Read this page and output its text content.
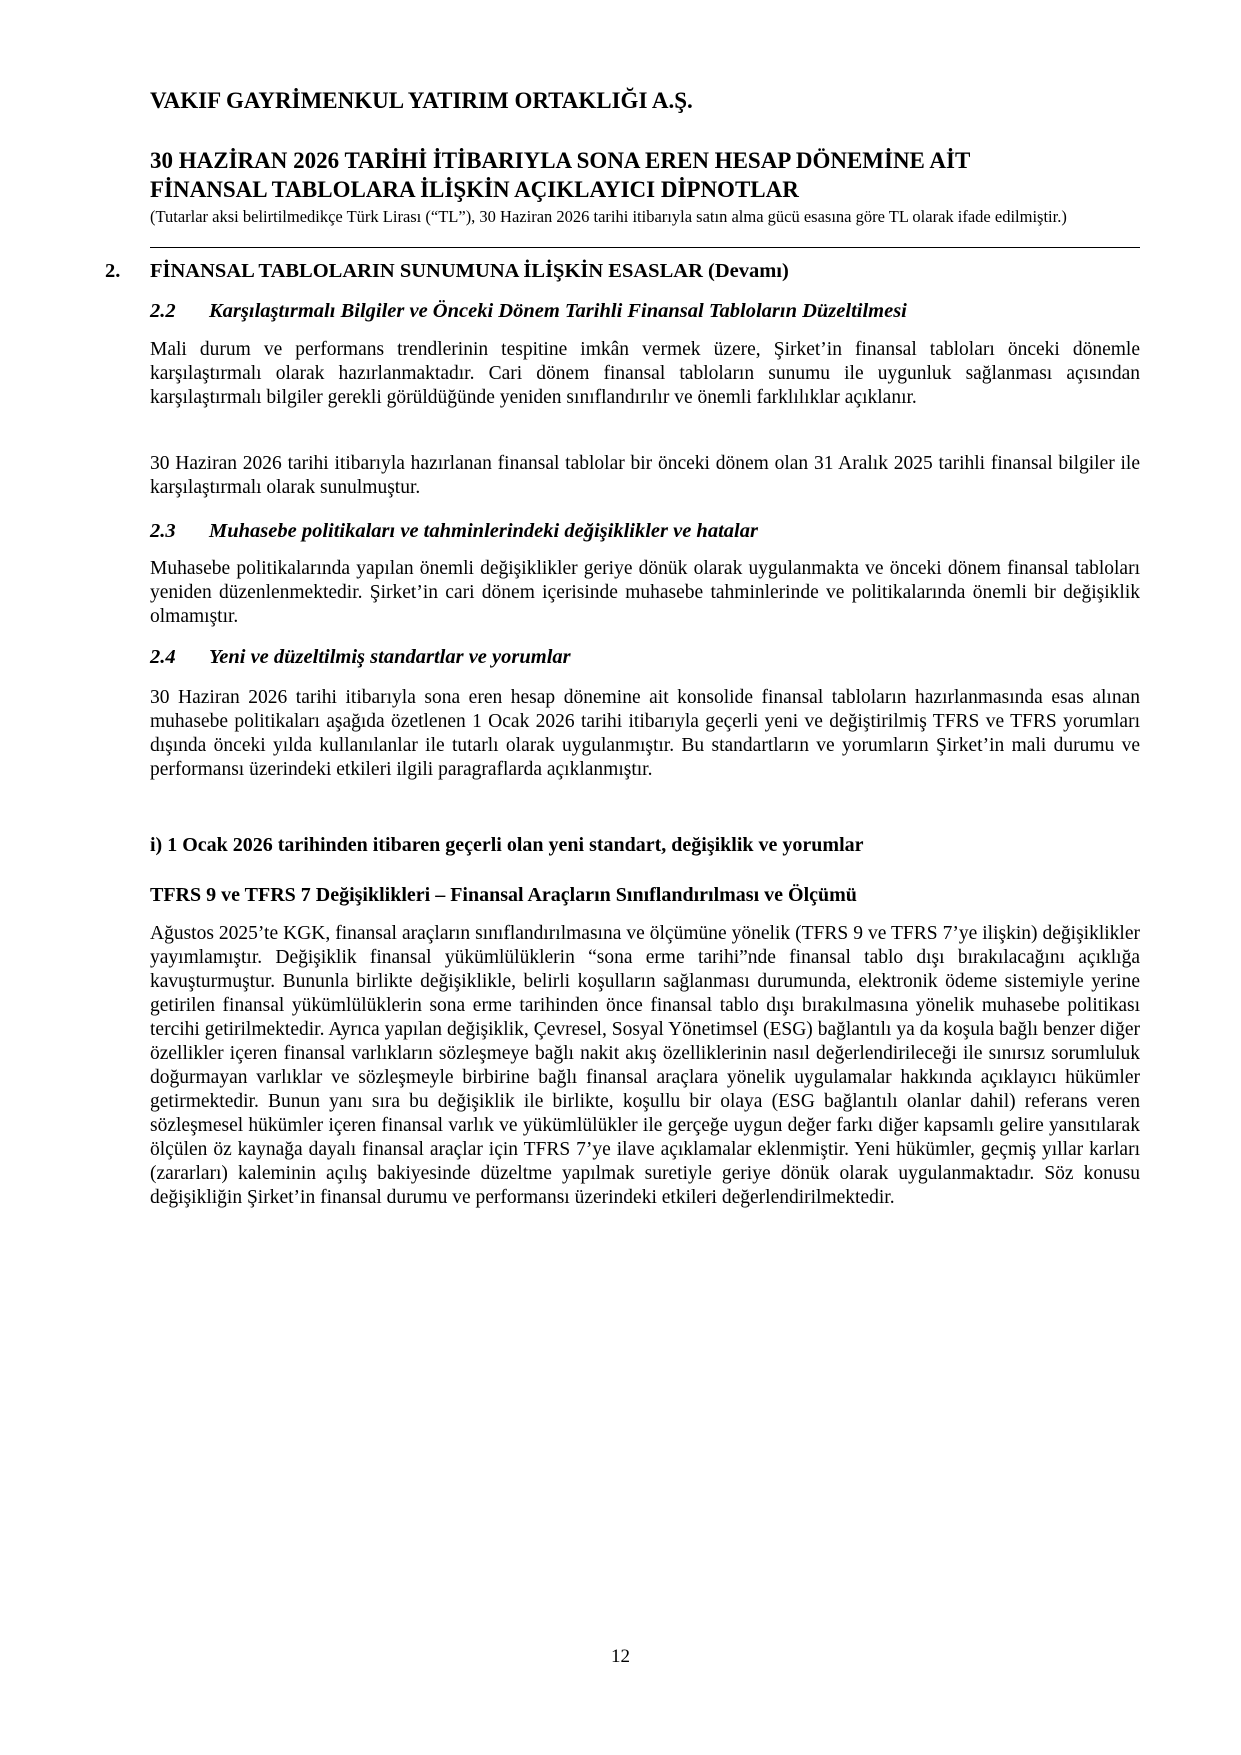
VAKIF GAYRİMENKUL YATIRIM ORTAKLIĞI A.Ş.

30 HAZİRAN 2026 TARİHİ İTİBARIYLA SONA EREN HESAP DÖNEMİNE AİT

FİNANSAL TABLOLARA İLİŞKİN AÇIKLAYICI DİPNOTLAR

(Tutarlar aksi belirtilmedikçe Türk Lirası (“TL”), 30 Haziran 2026 tarihi itibarıyla satın alma gücü esasına göre TL olarak ifade edilmiştir.)

2. FİNANSAL TABLOLARIN SUNUMUNA İLİŞKİN ESASLAR (Devamı)

2.2 Karşılaştırmalı Bilgiler ve Önceki Dönem Tarihli Finansal Tabloların Düzeltilmesi

Mali durum ve performans trendlerinin tespitine imkân vermek üzere, Şirket’in finansal tabloları önceki dönemle karşılaştırmalı olarak hazırlanmaktadır. Cari dönem finansal tabloların sunumu ile uygunluk sağlanması açısından karşılaştırmalı bilgiler gerekli görüldüğünde yeniden sınıflandırılır ve önemli farklılıklar açıklanır.

30 Haziran 2026 tarihi itibarıyla hazırlanan finansal tablolar bir önceki dönem olan 31 Aralık 2025 tarihli finansal bilgiler ile karşılaştırmalı olarak sunulmuştur.

2.3 Muhasebe politikaları ve tahminlerindeki değişiklikler ve hatalar

Muhasebe politikalarında yapılan önemli değişiklikler geriye dönük olarak uygulanmakta ve önceki dönem finansal tabloları yeniden düzenlenmektedir. Şirket’in cari dönem içerisinde muhasebe tahminlerinde ve politikalarında önemli bir değişiklik olmamıştır.

2.4 Yeni ve düzeltilmiş standartlar ve yorumlar

30 Haziran 2026 tarihi itibarıyla sona eren hesap dönemine ait konsolide finansal tabloların hazırlanmasında esas alınan muhasebe politikaları aşağıda özetlenen 1 Ocak 2026 tarihi itibarıyla geçerli yeni ve değiştirilmiş TFRS ve TFRS yorumları dışında önceki yılda kullanılanlar ile tutarlı olarak uygulanmıştır. Bu standartların ve yorumların Şirket’in mali durumu ve performansı üzerindeki etkileri ilgili paragraflarda açıklanmıştır.

i) 1 Ocak 2026 tarihinden itibaren geçerli olan yeni standart, değişiklik ve yorumlar

TFRS 9 ve TFRS 7 Değişiklikleri – Finansal Araçların Sınıflandırılması ve Ölçümü

Ağustos 2025’te KGK, finansal araçların sınıflandırılmasına ve ölçümüne yönelik (TFRS 9 ve TFRS 7’ye ilişkin) değişiklikler yayımlamıştır. Değişiklik finansal yükümlülüklerin “sona erme tarihi”nde finansal tablo dışı bırakılacağını açıklığa kavuşturmuştur. Bununla birlikte değişiklikle, belirli koşulların sağlanması durumunda, elektronik ödeme sistemiyle yerine getirilen finansal yükümlülüklerin sona erme tarihinden önce finansal tablo dışı bırakılmasına yönelik muhasebe politikası tercihi getirilmektedir. Ayrıca yapılan değişiklik, Çevresel, Sosyal Yönetimsel (ESG) bağlantılı ya da koşula bağlı benzer diğer özellikler içeren finansal varlıkların sözleşmeye bağlı nakit akış özelliklerinin nasıl değerlendirileceği ile sınırsız sorumluluk doğurmayan varlıklar ve sözleşmeyle birbirine bağlı finansal araçlara yönelik uygulamalar hakkında açıklayıcı hükümler getirmektedir. Bunun yanı sıra bu değişiklik ile birlikte, koşullu bir olaya (ESG bağlantılı olanlar dahil) referans veren sözleşmesel hükümler içeren finansal varlık ve yükümlülükler ile gerçeğe uygun değer farkı diğer kapsamlı gelire yansıtılarak ölçülen öz kaynağa dayalı finansal araçlar için TFRS 7’ye ilave açıklamalar eklenmiştir. Yeni hükümler, geçmiş yıllar karları (zararları) kaleminin açılış bakiyesinde düzeltme yapılmak suretiyle geriye dönük olarak uygulanmaktadır. Söz konusu değişikliğin Şirket’in finansal durumu ve performansı üzerindeki etkileri değerlendirilmektedir.

12
